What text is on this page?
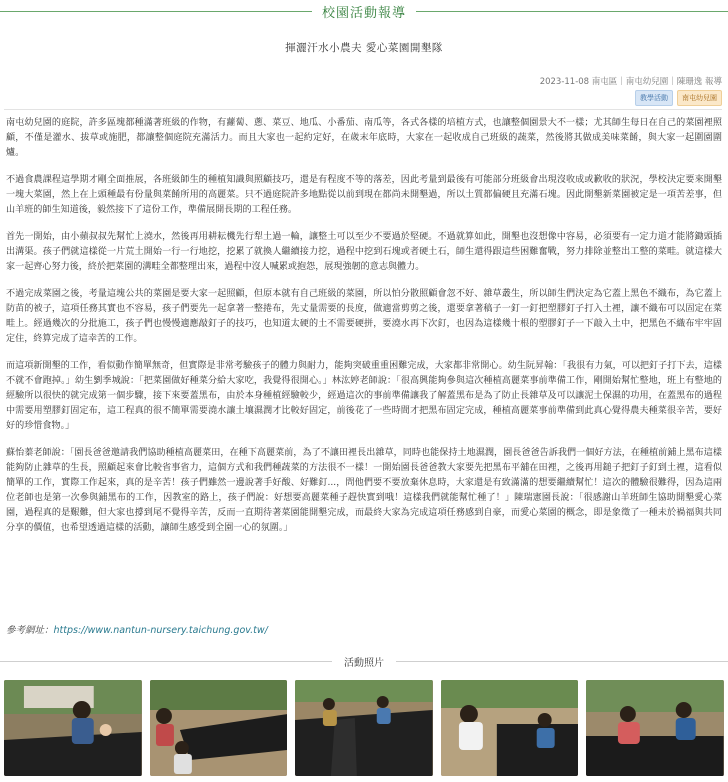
校園活動報導
揮灑汗水小農夫 愛心菜園開墾隊
2023-11-08 南屯區｜南屯幼兒園｜陳珊逸 報導
教學活動	南屯幼兒園

南屯幼兒園的庭院，許多區塊都種滿著班級的作物，有蘿蔔、蔥、菜豆、地瓜、小番茄、南瓜等，各式各樣的培植方式，也讓整個園景大不一樣；尤其師生每日在自己的菜園裡照顧，不僅是灌水、拔草或施肥，都讓整個庭院充滿活力。而且大家也一起約定好，在歲末年底時，大家在一起收成自己班級的蔬菜，然後將其做成美味菜餚，與大家一起圍園圍爐。

不過食農課程這學期才剛全面推展，各班級師生的種植知識與照顧技巧，還是有程度不等的落差，因此考量到最後有可能部分班級會出現沒收成或歉收的狀況，學校決定要來開墾一塊大菜園，然上在上頭種最有份量與菜餚所用的高麗菜。只不過庭院許多地點從以前到現在都尚未開墾過，所以土質都偏硬且充滿石塊。因此開墾新菜園被定是一項苦差事，但山羊班的師生知道後，毅然接下了這份工作，準備展開長期的工程任務。

首先一開始，由小蘋叔叔先幫忙上澆水，然後再用耕耘機先行犁土過一輪，讓整土可以至少不要過於堅硬。不過就算如此，開墾也沒想像中容易，必須要有一定力道才能將鋤頭插出溝渠。孩子們就這樣從一片荒土開始一行一行地挖，挖累了就換人繼續接力挖，過程中挖到石塊或者硬土石，師生還得跟這些困難奮戰，努力排除並整出工整的菜畦。就這樣大家一起齊心努力後，終於把菜園的溝畦全都整理出來，過程中沒人喊累或抱怨，展現強韌的意志與體力。

不過完成菜園之後，考量這塊公共的菜園是要大家一起照顧，但原本就有自己班級的菜園，所以怕分散照顧會忽不好、雜草叢生，所以師生們決定為它蓋上黑色不織布，為它蓋上防苗的被子，這項任務其實也不容易，孩子們要先一起拿著一整捲布，先丈量需要的長度，做適當剪剪之後，還要拿著稿子一釘一釘把塑膠釘子打入土裡，讓不織布可以固定在菜畦上。經過幾次的分批施工，孩子們也慢慢適應敲釘子的技巧，也知道太硬的土不需要硬拼，要澆水再下次釘，也因為這樣幾十根的塑膠釘子一下敲入土中，把黑色不織布牢牢固定住，終算完成了這幸苦的工作。

而這項新開墾的工作，看似動作簡單無奇，但實際是非常考驗孩子的體力與耐力，能夠突破重重困難完成，大家都非常開心。幼生阮昇翰：「我很有力氣，可以把釘子打下去，這樣不就不會跑掉。」幼生劉季城說：「把菜園做好種菜分給大家吃，我覺得很開心。」林汯婷老師說：「很高興能夠參與這次種植高麗菜事前準備工作，剛開始幫忙整地，班上有整地的經驗所以很快的就完成第一個步驟，接下來要蓋黑布，由於本身種植經驗較少，經過這次的事前準備讓我了解蓋黑布是為了防止長雜草及可以讓泥土保濕的功用，在蓋黑布的過程中需要用塑膠釘固定布，這工程真的很不簡單需要澆水讓土壤濕潤才比較好固定，前後花了一些時間才把黑布固定完成，種植高麗菜事前準備到此真心覺得農夫種菜很辛苦，要好好的珍惜食物。」

蘇怡蓁老師說：「園長爸爸邀請我們協助種植高麗菜田，在種下高麗菜前，為了不讓田裡長出雜草，同時也能保持土地濕潤，園長爸爸告訴我們一個好方法，在種植前鋪上黑布這樣能夠防止雜草的生長，照顧起來會比較省事省力，這個方式和我們種蔬菜的方法很不一樣！一開始園長爸爸教大家要先把黑布平舖在田裡，之後再用鎚子把釘子釘到土裡，這看似簡單的工作，實際工作起來，真的是辛苦！孩子們雖然一邊說著手好酸、好難釘...，問他們要不要放棄休息時，大家還是有致滿滿的想要繼續幫忙！這次的體驗很難得，因為這兩位老師也是第一次參與鋪黑布的工作，因教室的路上，孩子們說：好想要高麗菜種子趕快實到哦！這樣我們就能幫忙種了！」陳瑞憲園長說：「很感謝山羊班師生協助開墾愛心菜園，過程真的是艱難，但大家也撐到尾不覺得辛苦，反而一直期待著菜園能開墾完成，而最終大家為完成這項任務感到自豪，而愛心菜園的概念，即是象徵了一種未於禍福與共同分享的價值，也希望透過這樣的活動，讓師生感受到全園一心的氛圍。」

參考網址：https://www.nantun-nursery.taichung.gov.tw/
活動照片
